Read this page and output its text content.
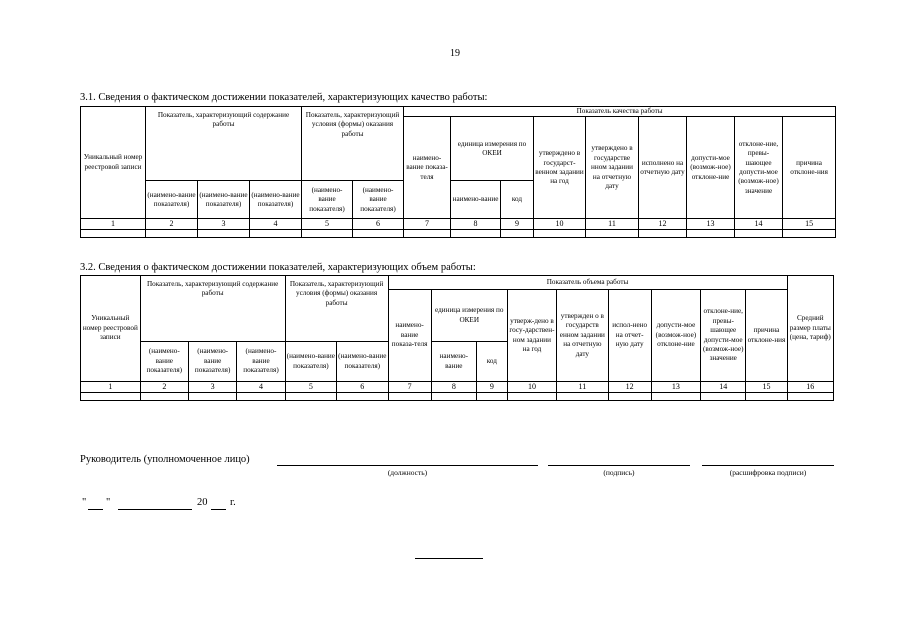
19
3.1. Сведения о фактическом достижении показателей, характеризующих качество работы:
Уникальный номер реестровой записи	Показатель, характеризующий содержание работы			Показатель, характеризующий условия (формы) оказания работы		Показатель качества работы								
						наимено-вание показа-теля	единица измерения по ОКЕИ		утверждено в государст-венном задании на год	утверждено в государстве нном задании на отчетную дату	исполнено на отчетную дату	допусти-мое (возмож-ное) отклоне-ние	отклоне-ние, превы-шающее допусти-мое (возмож-ное) значение	причина отклоне-ния
	(наимено-вание показателя)	(наимено-вание показателя)	(наимено-вание показателя)	(наимено-вание показателя)	(наимено-вание показателя)		наимено-вание	код						
1	2	3	4	5	6	7	8	9	10	11	12	13	14	15

3.2. Сведения о фактическом достижении показателей, характеризующих объем работы:
Уникальный номер реестровой записи	Показатель, характеризующий содержание работы			Показатель, характеризующий условия (формы) оказания работы		Показатель объема работы									Средний размер платы (цена, тариф)
						наимено-вание показа-теля	единица измерения по ОКЕИ		утверж-дено в госу-дарствен-ном задании на год	утвержден о в государств енном задании на отчетную дату	испол-нено на отчет-ную дату	допусти-мое (возмож-ное) отклоне-ние	отклоне-ние, превы-шающее допусти-мое (возмож-ное) значение	причина отклоне-ния	
	(наимено-вание показателя)	(наимено-вание показателя)	(наимено-вание показателя)	(наимено-вание показателя)	(наимено-вание показателя)		наимено-вание	код							
1	2	3	4	5	6	7	8	9	10	11	12	13	14	15	16

Руководитель (уполномоченное лицо)
(должность)	(подпись)	(расшифровка подписи)
" "	20 г.
